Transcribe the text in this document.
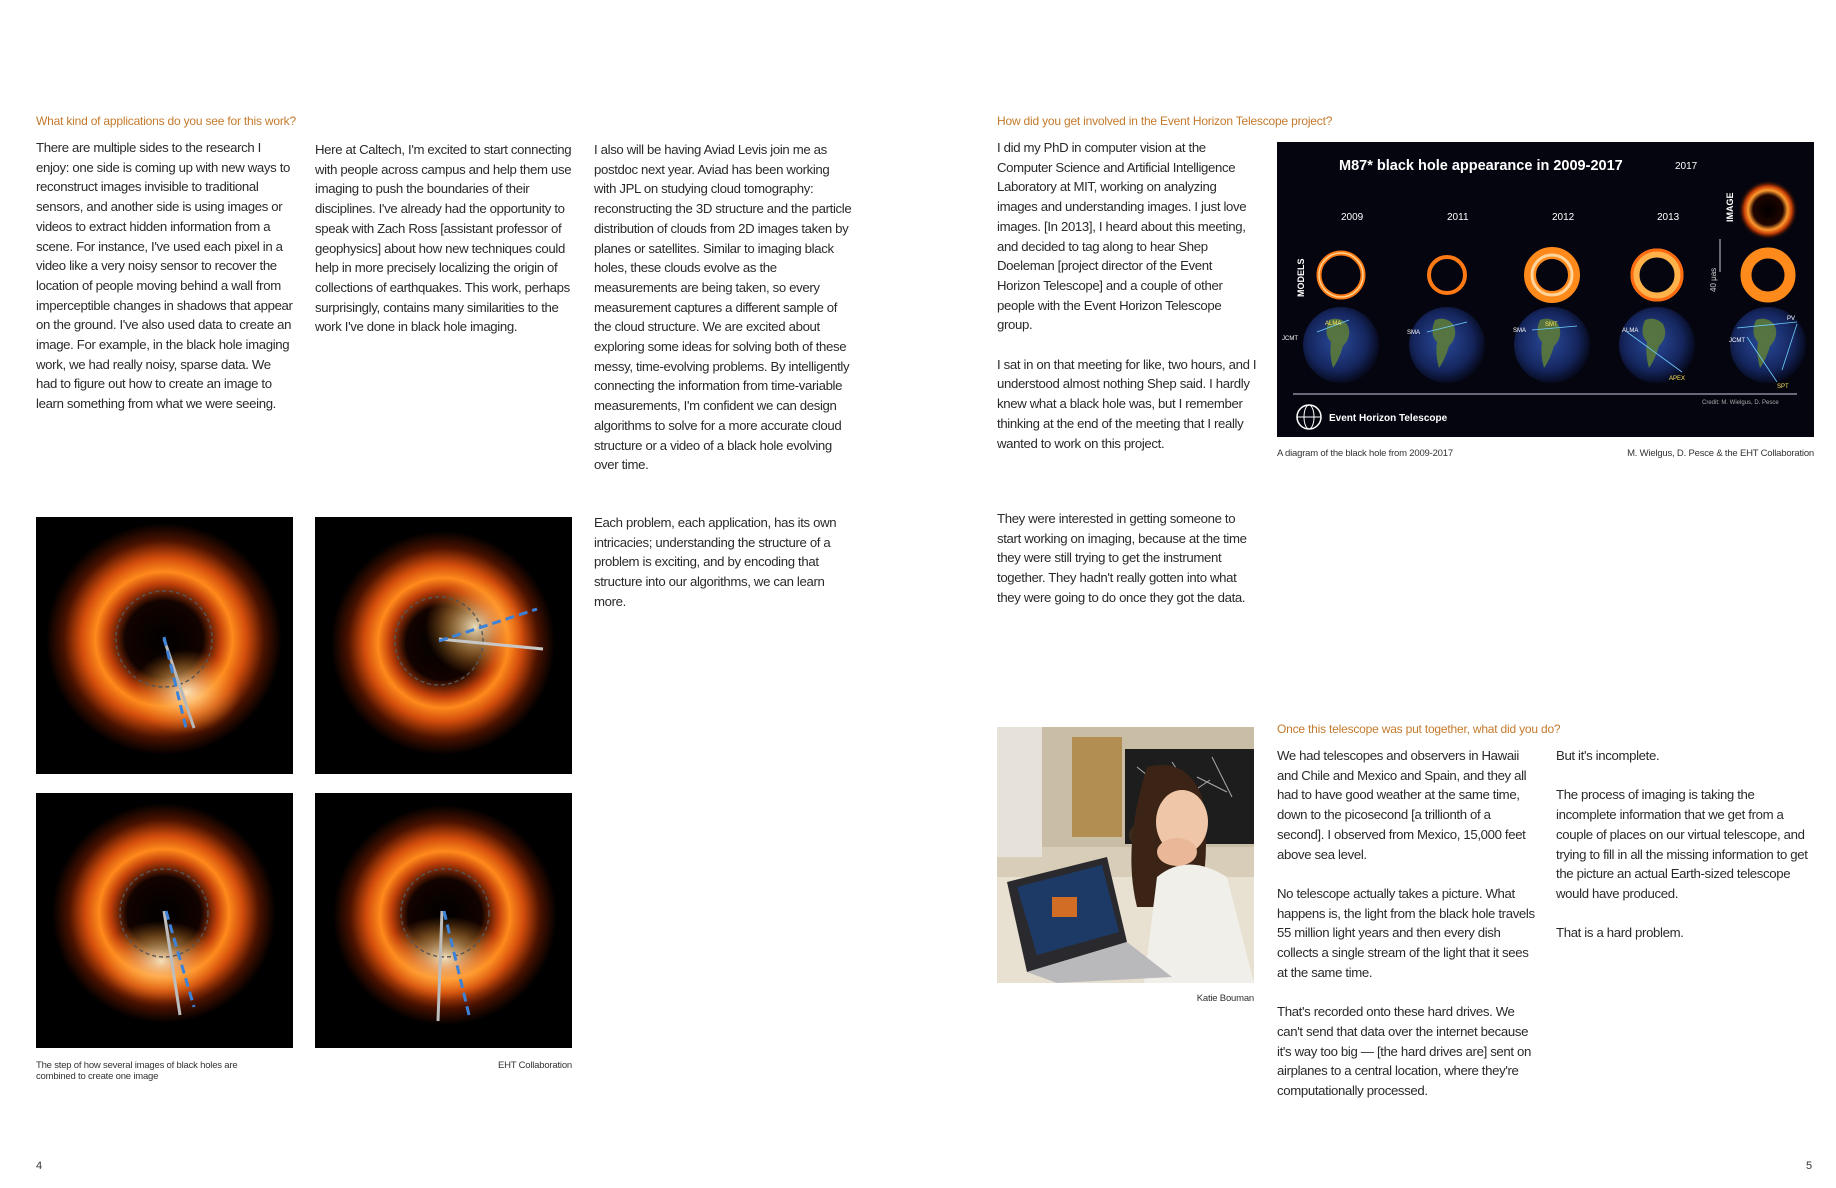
What kind of applications do you see for this work?

There are multiple sides to the research I enjoy: one side is coming up with new ways to reconstruct images invisible to traditional sensors, and another side is using images or videos to extract hidden information from a scene. For instance, I've used each pixel in a video like a very noisy sensor to recover the location of people moving behind a wall from imperceptible changes in shadows that appear on the ground. I've also used data to create an image. For example, in the black hole imaging work, we had really noisy, sparse data. We had to figure out how to create an image to learn something from what we were seeing.

Here at Caltech, I'm excited to start connecting with people across campus and help them use imaging to push the boundaries of their disciplines. I've already had the opportunity to speak with Zach Ross [assistant professor of geophysics] about how new techniques could help in more precisely localizing the origin of collections of earthquakes. This work, perhaps surprisingly, contains many similarities to the work I've done in black hole imaging.

I also will be having Aviad Levis join me as postdoc next year. Aviad has been working with JPL on studying cloud tomography: reconstructing the 3D structure and the particle distribution of clouds from 2D images taken by planes or satellites. Similar to imaging black holes, these clouds evolve as the measurements are being taken, so every measurement captures a different sample of the cloud structure. We are excited about exploring some ideas for solving both of these messy, time-evolving problems. By intelligently connecting the information from time-variable measurements, I'm confident we can design algorithms to solve for a more accurate cloud structure or a video of a black hole evolving over time.

Each problem, each application, has its own intricacies; understanding the structure of a problem is exciting, and by encoding that structure into our algorithms, we can learn more.

The step of how several images of black holes are combined to create one image
EHT Collaboration
4
How did you get involved in the Event Horizon Telescope project?

I did my PhD in computer vision at the Computer Science and Artificial Intelligence Laboratory at MIT, working on analyzing images and understanding images. I just love images. [In 2013], I heard about this meeting, and decided to tag along to hear Shep Doeleman [project director of the Event Horizon Telescope] and a couple of other people with the Event Horizon Telescope group.

I sat in on that meeting for like, two hours, and I understood almost nothing Shep said. I hardly knew what a black hole was, but I remember thinking at the end of the meeting that I really wanted to work on this project.

They were interested in getting someone to start working on imaging, because at the time they were still trying to get the instrument together. They hadn't really gotten into what they were going to do once they got the data.

M87* black hole appearance in 2009-2017	2017
2009	2011	2012	2013	IMAGE
MODELS	40 μas
JCMT
ALMA
SMA	SMA
SMT
ALMA
APEX
JCMT
PV
SPT
Event Horizon Telescope
Credit: M. Wielgus, D. Pesce
A diagram of the black hole from 2009-2017	M. Wielgus, D. Pesce & the EHT Collaboration
Katie Bouman
Once this telescope was put together, what did you do?

We had telescopes and observers in Hawaii and Chile and Mexico and Spain, and they all had to have good weather at the same time, down to the picosecond [a trillionth of a second]. I observed from Mexico, 15,000 feet above sea level.

No telescope actually takes a picture. What happens is, the light from the black hole travels 55 million light years and then every dish collects a single stream of the light that it sees at the same time.

That's recorded onto these hard drives. We can't send that data over the internet because it's way too big — [the hard drives are] sent on airplanes to a central location, where they're computationally processed.

But it's incomplete.

The process of imaging is taking the incomplete information that we get from a couple of places on our virtual telescope, and trying to fill in all the missing information to get the picture an actual Earth-sized telescope would have produced.

That is a hard problem.

5
